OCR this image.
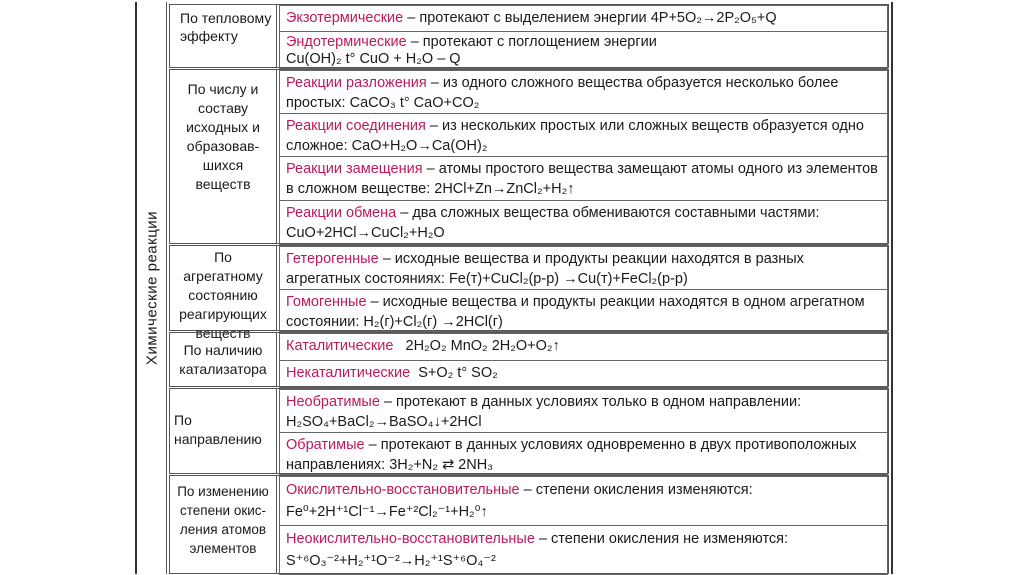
Химические реакции
По тепловому эффекту
Экзотермические – протекают с выделением энергии 4P+5O₂→2P₂O₅+Q
Эндотермические – протекают с поглощением энергии
Cu(OH)₂ t° CuO + H₂O – Q
По числу и составу исходных и образовав-шихся веществ
Реакции разложения – из одного сложного вещества образуется несколько более простых: CaCO₃ t° CaO+CO₂
Реакции соединения – из нескольких простых или сложных веществ образуется одно сложное: CaO+H₂O→Ca(OH)₂
Реакции замещения – атомы простого вещества замещают атомы одного из элементов в сложном веществе: 2HCl+Zn→ZnCl₂+H₂↑
Реакции обмена – два сложных вещества обмениваются составными частями: CuO+2HCl→CuCl₂+H₂O
По агрегатному состоянию реагирующих веществ
Гетерогенные – исходные вещества и продукты реакции находятся в разных агрегатных состояниях: Fe(т)+CuCl₂(р-р) →Cu(т)+FeCl₂(р-р)
Гомогенные – исходные вещества и продукты реакции находятся в одном агрегатном состоянии: H₂(г)+Cl₂(г) →2HCl(г)
По наличию катализатора
Каталитические 2H₂O₂ MnO₂ 2H₂O+O₂↑
Некаталитические S+O₂ t° SO₂
По направлению
Необратимые – протекают в данных условиях только в одном направлении: H₂SO₄+BaCl₂→BaSO₄↓+2HCl
Обратимые – протекают в данных условиях одновременно в двух противоположных направлениях: 3H₂+N₂ ⇄ 2NH₃
По изменению степени окис-ления атомов элементов
Окислительно-восстановительные – степени окисления изменяются:
Fe⁰+2H⁺¹Cl⁻¹→Fe⁺²Cl₂⁻¹+H₂⁰↑
Неокислительно-восстановительные – степени окисления не изменяются:
S⁺⁶O₃⁻²+H₂⁺¹O⁻²→H₂⁺¹S⁺⁶O₄⁻²
